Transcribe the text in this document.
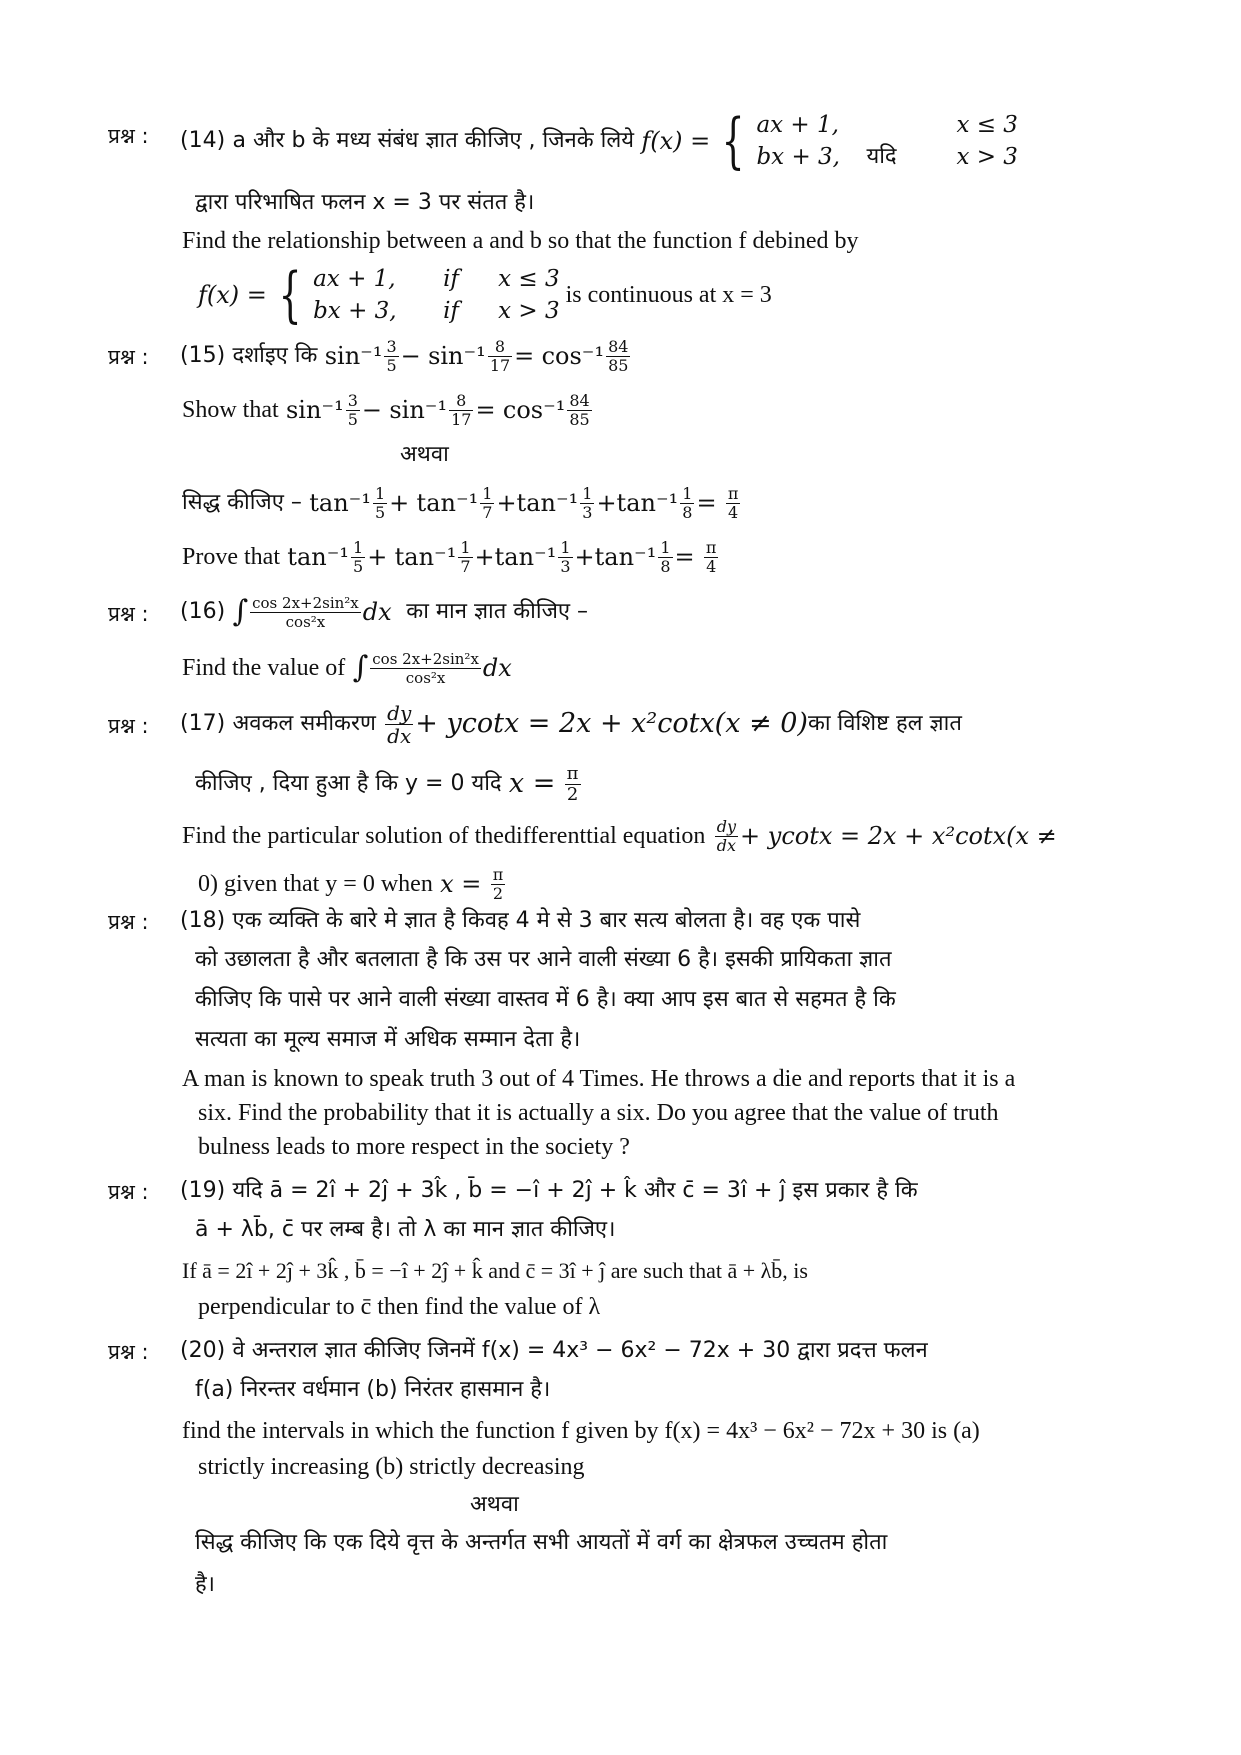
प्रश्न : (14)
a और b के मध्य संबंध ज्ञात कीजिए , जिनके लिये
f(x) = { ax + 1,	x ≤ 3
bx + 3,	यदि	x > 3
द्वारा परिभाषित फलन x = 3 पर संतत है।
Find the relationship between a and b so that the function f debined by
f(x) = { ax + 1,	if	x ≤ 3
bx + 3,	if	x > 3
is continuous at x = 3
प्रश्न : (15)
दर्शाइए कि
$\sin^{-1} \frac{3}{5}$ −
$\sin^{-1} \frac{8}{17}$ =
$\cos^{-1} \frac{84}{85}$
Show that
$\sin^{-1} \frac{3}{5}$ −
$\sin^{-1} \frac{8}{17}$ =
$\cos^{-1} \frac{84}{85}$
अथवा
सिद्ध कीजिए –
$\tan^{-1} \frac{1}{5}$ +
$\tan^{-1} \frac{1}{7} + \tan^{-1} \frac{1}{3} + \tan^{-1} \frac{1}{8}$ =
$\frac{\pi}{4}$
Prove that
$\tan^{-1} \frac{1}{5}$ +
$\tan^{-1} \frac{1}{7} + \tan^{-1} \frac{1}{3} + \tan^{-1} \frac{1}{8}$ =
$\frac{\pi}{4}$
प्रश्न : (16)
∫ $\frac{\text{cos 2x+2sin²x}}{\text{cos²x}}$ dx
का मान ज्ञात कीजिए –
Find the value of
∫ $\frac{\text{cos 2x+2sin²x}}{\text{cos²x}}$ dx
प्रश्न : (17)
अवकल समीकरण
$\frac{dy}{dx} + ycotx = 2x + x^2\cot x(x \ne 0)$ का विशिष्ट हल ज्ञात
कीजिए , दिया हुआ है कि y = 0 यदि
x =
$\frac{\pi}{2}$
Find the particular solution of thedifferenttial equation
$\frac{dy}{dx} + ycotx = 2x + x^2\cot x(x$ ≠
0) given that y = 0 when
x =
$\frac{\pi}{2}$
प्रश्न : (18) एक व्यक्ति के बारे मे ज्ञात है किवह 4 मे से 3 बार सत्य बोलता है। वह एक पासे
को उछालता है और बतलाता है कि उस पर आने वाली संख्या 6 है। इसकी प्रायिकता ज्ञात
कीजिए कि पासे पर आने वाली संख्या वास्तव में 6 है। क्या आप इस बात से सहमत है कि
सत्यता का मूल्य समाज में अधिक सम्मान देता है।
A man is known to speak truth 3 out of 4 Times. He throws a die and reports that it is a
six. Find the probability that it is actually a six. Do you agree that the value of truth
bulness leads to more respect in the society ?
प्रश्न : (19) यदि ā = 2î + 2ĵ + 3k̂ , b̄ = −î + 2ĵ + k̂ और c̄ = 3î + ĵ इस प्रकार है कि
ā + λb̄, c̄ पर लम्ब है। तो λ का मान ज्ञात कीजिए।
If ā = 2î + 2ĵ + 3k̂ , b̄ = −î + 2ĵ + k̂ and c̄ = 3î + ĵ are such that ā + λb̄, is
perpendicular to c̄ then find the value of λ
प्रश्न : (20) वे अन्तराल ज्ञात कीजिए जिनमें f(x) = 4x³ − 6x² − 72x + 30 द्वारा प्रदत्त फलन
f(a) निरन्तर वर्धमान (b) निरंतर हासमान है।
find the intervals in which the function f given by f(x) = 4x³ − 6x² − 72x + 30 is (a)
strictly increasing (b) strictly decreasing
अथवा
सिद्ध कीजिए कि एक दिये वृत्त के अन्तर्गत सभी आयतों में वर्ग का क्षेत्रफल उच्चतम होता
है।
